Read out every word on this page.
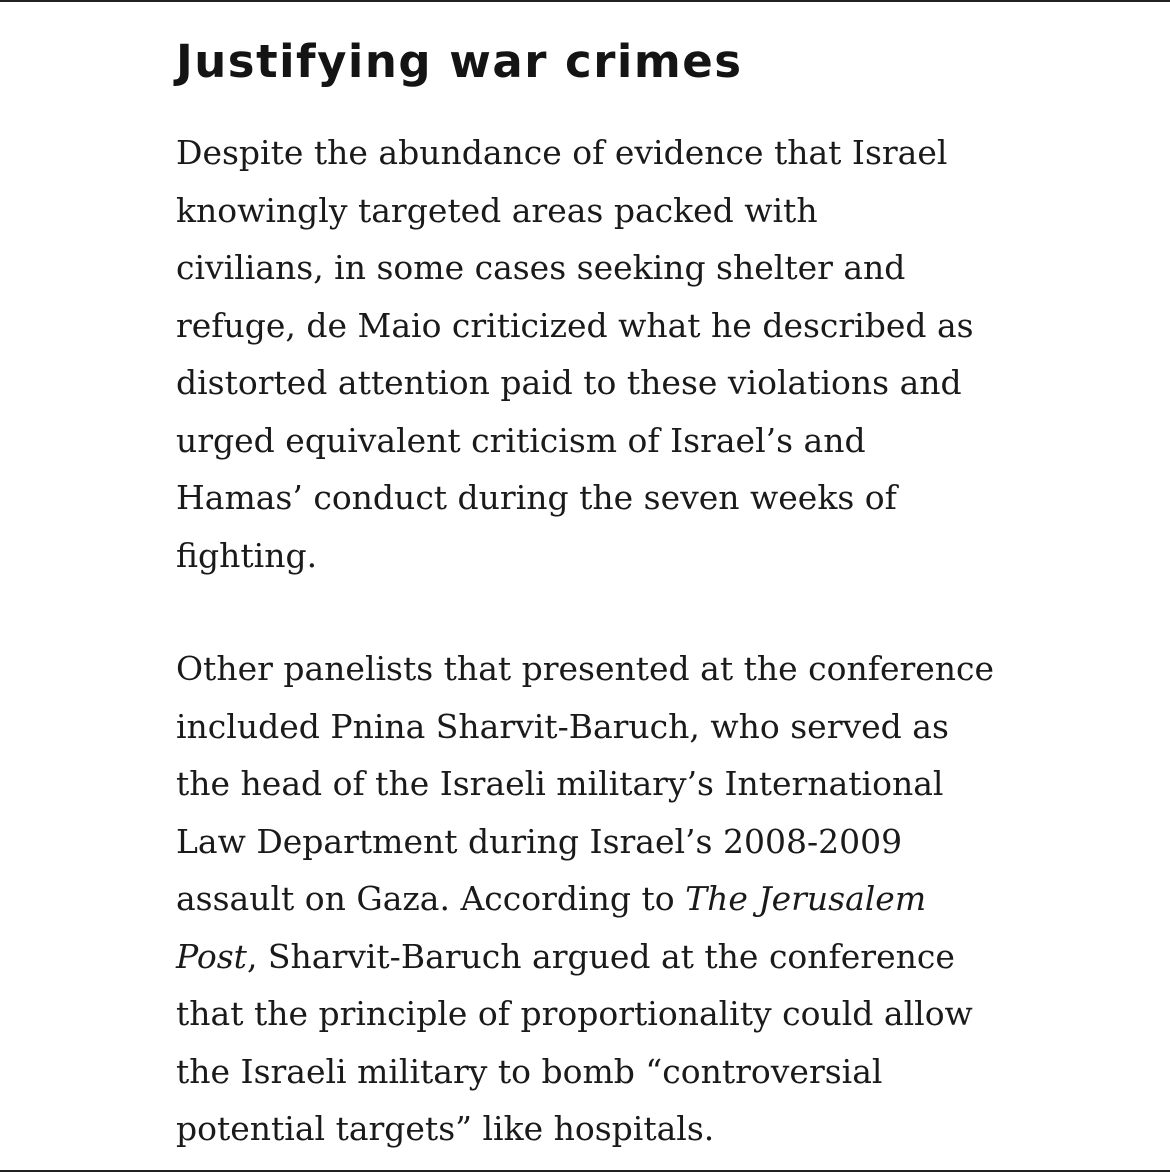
Justifying war crimes

Despite the abundance of evidence that Israel
knowingly targeted areas packed with
civilians, in some cases seeking shelter and
refuge, de Maio criticized what he described as
distorted attention paid to these violations and
urged equivalent criticism of Israel’s and
Hamas’ conduct during the seven weeks of
fighting.

Other panelists that presented at the conference
included Pnina Sharvit-Baruch, who served as
the head of the Israeli military’s International
Law Department during Israel’s 2008-2009
assault on Gaza. According to The Jerusalem
Post, Sharvit-Baruch argued at the conference
that the principle of proportionality could allow
the Israeli military to bomb “controversial
potential targets” like hospitals.
